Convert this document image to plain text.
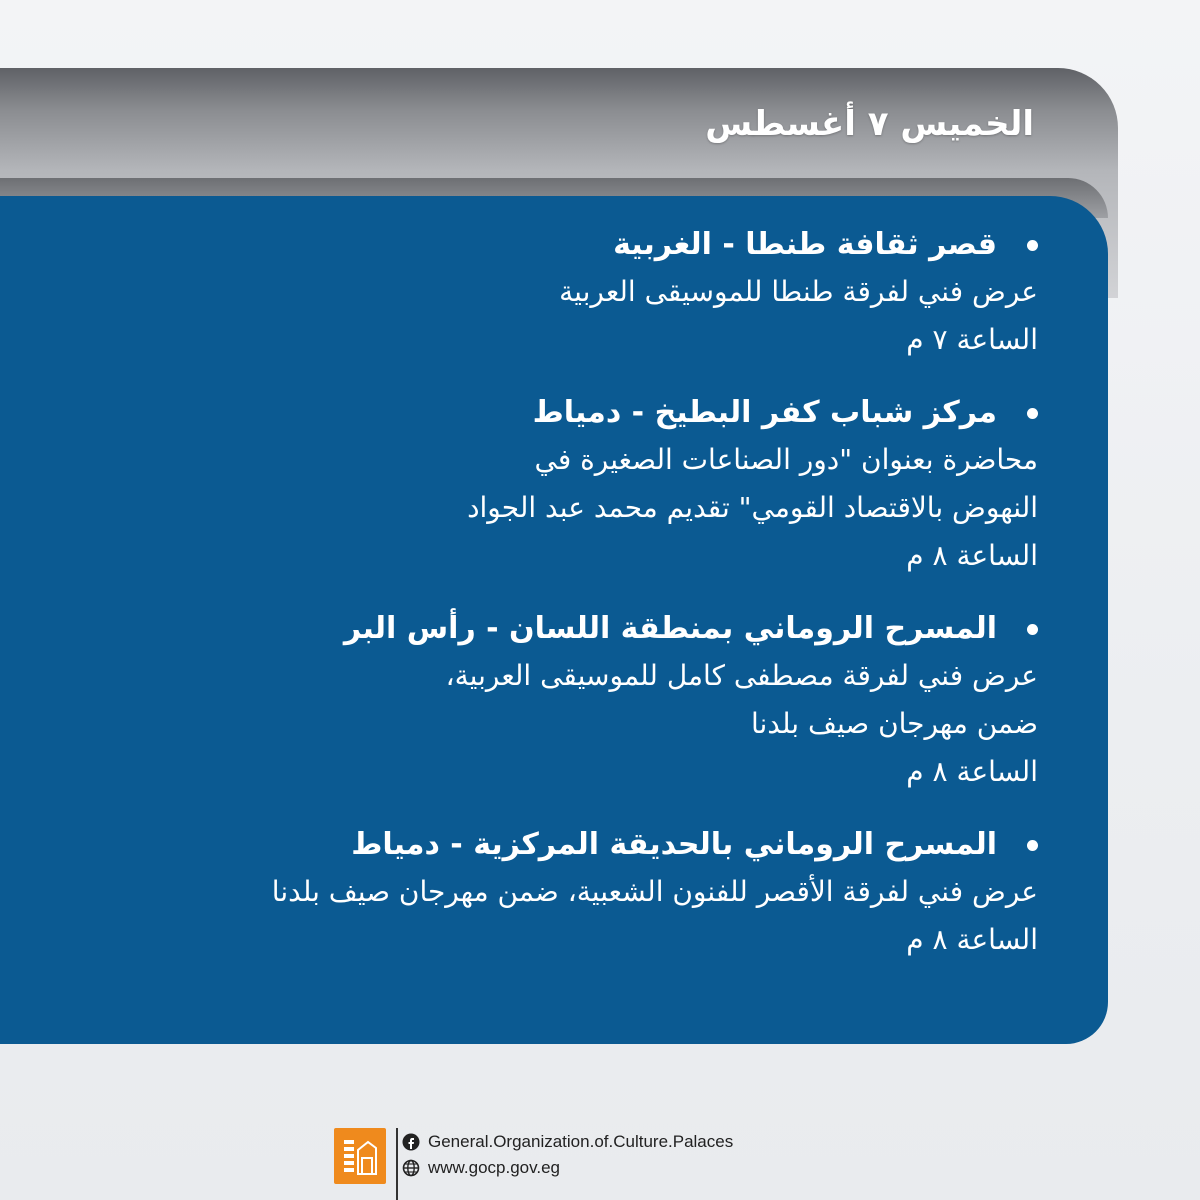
الخميس ٧ أغسطس
قصر ثقافة طنطا - الغربية
عرض فني لفرقة طنطا للموسيقى العربية
الساعة ٧ م
مركز شباب كفر البطيخ - دمياط
محاضرة بعنوان "دور الصناعات الصغيرة في
النهوض بالاقتصاد القومي" تقديم محمد عبد الجواد
الساعة ٨ م
المسرح الروماني بمنطقة اللسان - رأس البر
عرض فني لفرقة مصطفى كامل للموسيقى العربية،
ضمن مهرجان صيف بلدنا
الساعة ٨ م
المسرح الروماني بالحديقة المركزية - دمياط
عرض فني لفرقة الأقصر للفنون الشعبية، ضمن مهرجان صيف بلدنا
الساعة ٨ م
General.Organization.of.Culture.Palaces
www.gocp.gov.eg
